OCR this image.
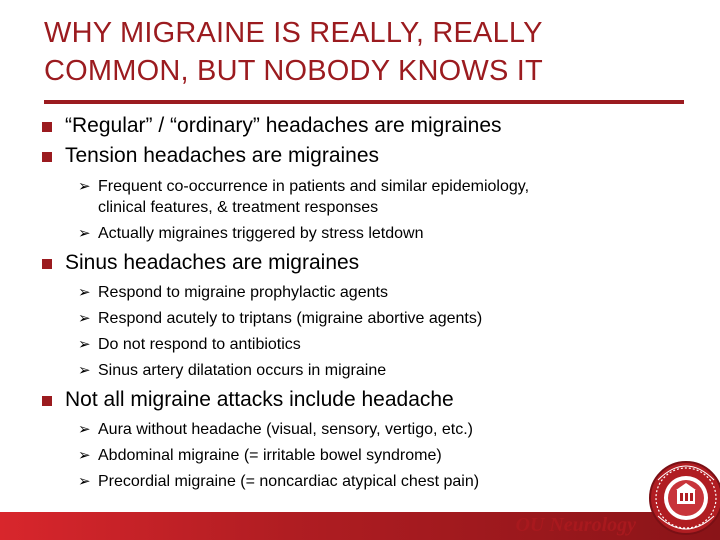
WHY MIGRAINE IS REALLY, REALLY
COMMON, BUT NOBODY KNOWS IT
“Regular” / “ordinary” headaches are migraines
Tension headaches are migraines
➢ Frequent co-occurrence in patients and similar epidemiology,
clinical features, & treatment responses
➢ Actually migraines triggered by stress letdown
Sinus headaches are migraines
➢ Respond to migraine prophylactic agents
➢ Respond acutely to triptans (migraine abortive agents)
➢ Do not respond to antibiotics
➢ Sinus artery dilatation occurs in migraine
Not all migraine attacks include headache
➢ Aura without headache (visual, sensory, vertigo, etc.)
➢ Abdominal migraine (= irritable bowel syndrome)
➢ Precordial migraine (= noncardiac atypical chest pain)
OU Neurology
